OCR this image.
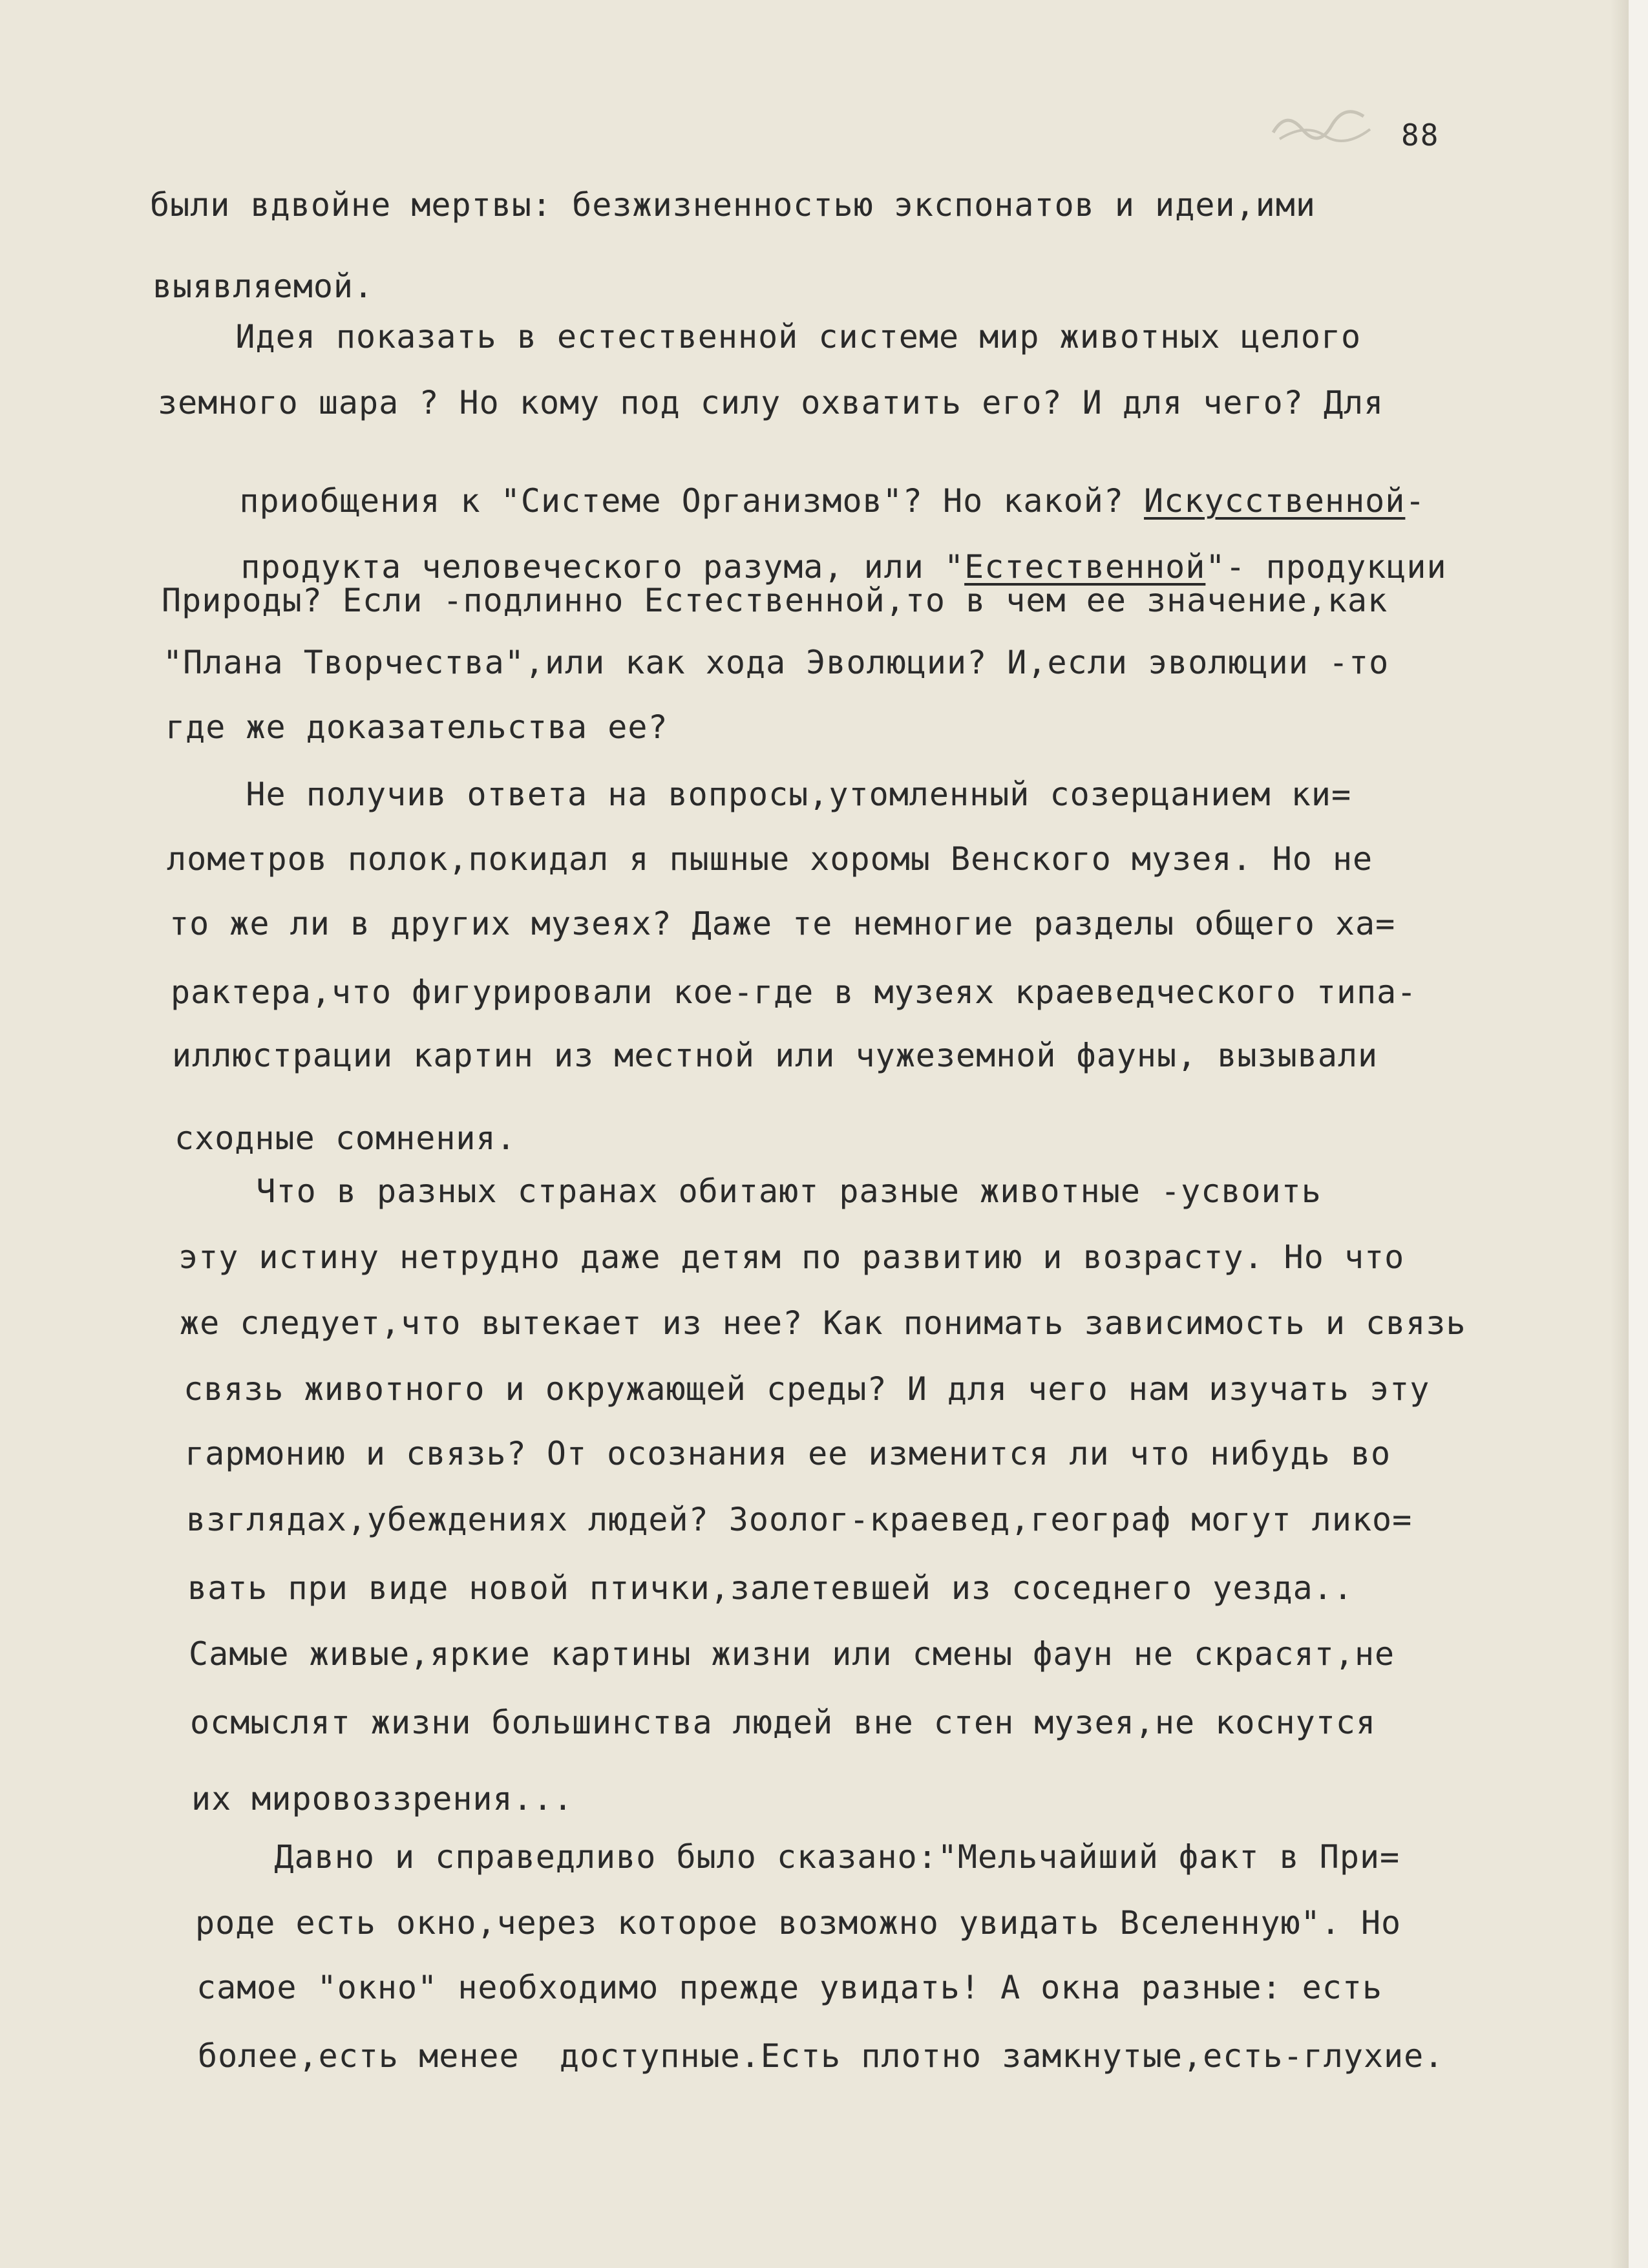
88
были вдвойне мертвы: безжизненностью экспонатов и идеи,ими
выявляемой.
Идея показать в естественной системе мир животных целого
земного шара ? Но кому под силу охватить его? И для чего? Для

приобщения к "Системе Организмов"? Но какой? Искусственной-

продукта человеческого разума, или "Естественной"- продукции

Природы? Если -подлинно Естественной,то в чем ее значение,как
"Плана Творчества",или как хода Эволюции? И,если эволюции -то
где же доказательства ее?
Не получив ответа на вопросы,утомленный созерцанием ки=
лометров полок,покидал я пышные хоромы Венского музея. Но не
то же ли в других музеях? Даже те немногие разделы общего ха=
рактера,что фигурировали кое-где в музеях краеведческого типа-
иллюстрации картин из местной или чужеземной фауны, вызывали
сходные сомнения.
Что в разных странах обитают разные животные -усвоить
эту истину нетрудно даже детям по развитию и возрасту. Но что
же следует,что вытекает из нее? Как понимать зависимость и связь
связь животного и окружающей среды? И для чего нам изучать эту
гармонию и связь? От осознания ее изменится ли что нибудь во
взглядах,убеждениях людей? Зоолог-краевед,географ могут лико=
вать при виде новой птички,залетевшей из соседнего уезда..
Самые живые,яркие картины жизни или смены фаун не скрасят,не
осмыслят жизни большинства людей вне стен музея,не коснутся
их мировоззрения...
Давно и справедливо было сказано:"Мельчайший факт в При=
роде есть окно,через которое возможно увидать Вселенную". Но
самое "окно" необходимо прежде увидать! А окна разные: есть
более,есть менее  доступные.Есть плотно замкнутые,есть-глухие.
